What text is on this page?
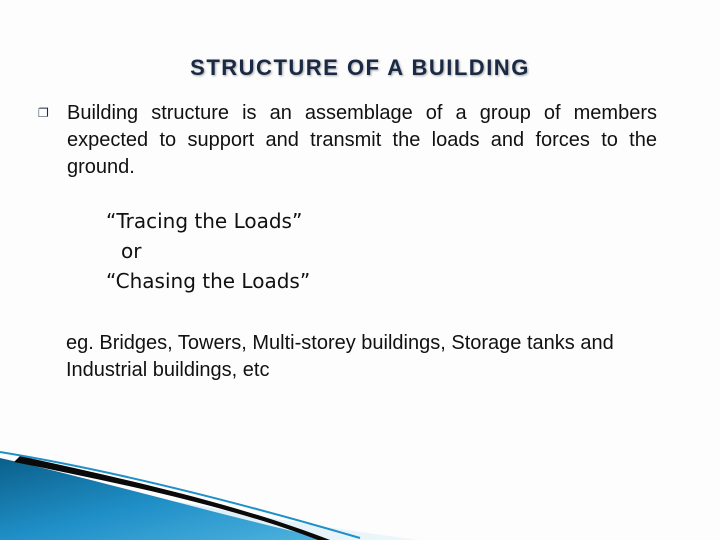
STRUCTURE OF A BUILDING
❐ Building structure is an assemblage of a group of members expected to support and transmit the loads and forces to the ground.
“Tracing the Loads”
or
“Chasing the Loads”
eg. Bridges, Towers, Multi-storey buildings, Storage tanks and Industrial buildings, etc
